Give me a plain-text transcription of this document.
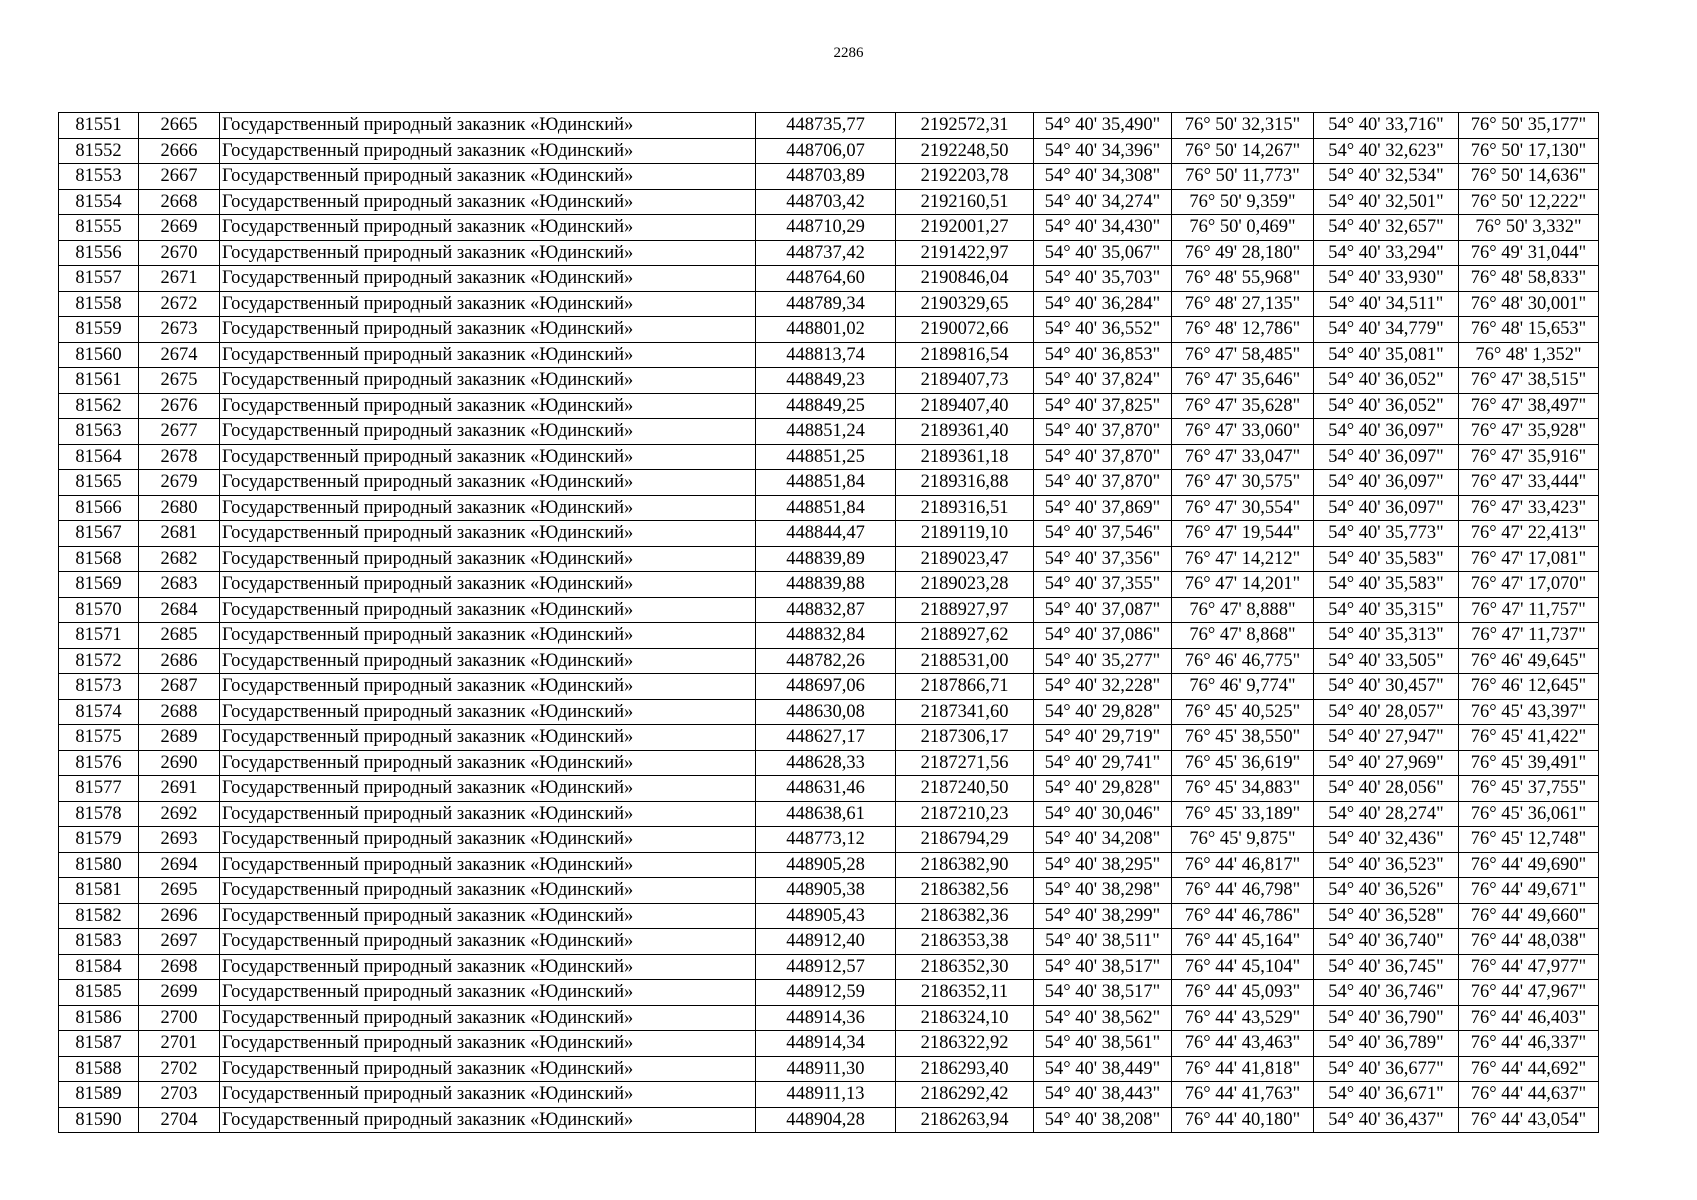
2286
81551	2665	Государственный природный заказник «Юдинский»	448735,77	2192572,31	54° 40' 35,490"	76° 50' 32,315"	54° 40' 33,716"	76° 50' 35,177"
81552	2666	Государственный природный заказник «Юдинский»	448706,07	2192248,50	54° 40' 34,396"	76° 50' 14,267"	54° 40' 32,623"	76° 50' 17,130"
81553	2667	Государственный природный заказник «Юдинский»	448703,89	2192203,78	54° 40' 34,308"	76° 50' 11,773"	54° 40' 32,534"	76° 50' 14,636"
81554	2668	Государственный природный заказник «Юдинский»	448703,42	2192160,51	54° 40' 34,274"	76° 50' 9,359"	54° 40' 32,501"	76° 50' 12,222"
81555	2669	Государственный природный заказник «Юдинский»	448710,29	2192001,27	54° 40' 34,430"	76° 50' 0,469"	54° 40' 32,657"	76° 50' 3,332"
81556	2670	Государственный природный заказник «Юдинский»	448737,42	2191422,97	54° 40' 35,067"	76° 49' 28,180"	54° 40' 33,294"	76° 49' 31,044"
81557	2671	Государственный природный заказник «Юдинский»	448764,60	2190846,04	54° 40' 35,703"	76° 48' 55,968"	54° 40' 33,930"	76° 48' 58,833"
81558	2672	Государственный природный заказник «Юдинский»	448789,34	2190329,65	54° 40' 36,284"	76° 48' 27,135"	54° 40' 34,511"	76° 48' 30,001"
81559	2673	Государственный природный заказник «Юдинский»	448801,02	2190072,66	54° 40' 36,552"	76° 48' 12,786"	54° 40' 34,779"	76° 48' 15,653"
81560	2674	Государственный природный заказник «Юдинский»	448813,74	2189816,54	54° 40' 36,853"	76° 47' 58,485"	54° 40' 35,081"	76° 48' 1,352"
81561	2675	Государственный природный заказник «Юдинский»	448849,23	2189407,73	54° 40' 37,824"	76° 47' 35,646"	54° 40' 36,052"	76° 47' 38,515"
81562	2676	Государственный природный заказник «Юдинский»	448849,25	2189407,40	54° 40' 37,825"	76° 47' 35,628"	54° 40' 36,052"	76° 47' 38,497"
81563	2677	Государственный природный заказник «Юдинский»	448851,24	2189361,40	54° 40' 37,870"	76° 47' 33,060"	54° 40' 36,097"	76° 47' 35,928"
81564	2678	Государственный природный заказник «Юдинский»	448851,25	2189361,18	54° 40' 37,870"	76° 47' 33,047"	54° 40' 36,097"	76° 47' 35,916"
81565	2679	Государственный природный заказник «Юдинский»	448851,84	2189316,88	54° 40' 37,870"	76° 47' 30,575"	54° 40' 36,097"	76° 47' 33,444"
81566	2680	Государственный природный заказник «Юдинский»	448851,84	2189316,51	54° 40' 37,869"	76° 47' 30,554"	54° 40' 36,097"	76° 47' 33,423"
81567	2681	Государственный природный заказник «Юдинский»	448844,47	2189119,10	54° 40' 37,546"	76° 47' 19,544"	54° 40' 35,773"	76° 47' 22,413"
81568	2682	Государственный природный заказник «Юдинский»	448839,89	2189023,47	54° 40' 37,356"	76° 47' 14,212"	54° 40' 35,583"	76° 47' 17,081"
81569	2683	Государственный природный заказник «Юдинский»	448839,88	2189023,28	54° 40' 37,355"	76° 47' 14,201"	54° 40' 35,583"	76° 47' 17,070"
81570	2684	Государственный природный заказник «Юдинский»	448832,87	2188927,97	54° 40' 37,087"	76° 47' 8,888"	54° 40' 35,315"	76° 47' 11,757"
81571	2685	Государственный природный заказник «Юдинский»	448832,84	2188927,62	54° 40' 37,086"	76° 47' 8,868"	54° 40' 35,313"	76° 47' 11,737"
81572	2686	Государственный природный заказник «Юдинский»	448782,26	2188531,00	54° 40' 35,277"	76° 46' 46,775"	54° 40' 33,505"	76° 46' 49,645"
81573	2687	Государственный природный заказник «Юдинский»	448697,06	2187866,71	54° 40' 32,228"	76° 46' 9,774"	54° 40' 30,457"	76° 46' 12,645"
81574	2688	Государственный природный заказник «Юдинский»	448630,08	2187341,60	54° 40' 29,828"	76° 45' 40,525"	54° 40' 28,057"	76° 45' 43,397"
81575	2689	Государственный природный заказник «Юдинский»	448627,17	2187306,17	54° 40' 29,719"	76° 45' 38,550"	54° 40' 27,947"	76° 45' 41,422"
81576	2690	Государственный природный заказник «Юдинский»	448628,33	2187271,56	54° 40' 29,741"	76° 45' 36,619"	54° 40' 27,969"	76° 45' 39,491"
81577	2691	Государственный природный заказник «Юдинский»	448631,46	2187240,50	54° 40' 29,828"	76° 45' 34,883"	54° 40' 28,056"	76° 45' 37,755"
81578	2692	Государственный природный заказник «Юдинский»	448638,61	2187210,23	54° 40' 30,046"	76° 45' 33,189"	54° 40' 28,274"	76° 45' 36,061"
81579	2693	Государственный природный заказник «Юдинский»	448773,12	2186794,29	54° 40' 34,208"	76° 45' 9,875"	54° 40' 32,436"	76° 45' 12,748"
81580	2694	Государственный природный заказник «Юдинский»	448905,28	2186382,90	54° 40' 38,295"	76° 44' 46,817"	54° 40' 36,523"	76° 44' 49,690"
81581	2695	Государственный природный заказник «Юдинский»	448905,38	2186382,56	54° 40' 38,298"	76° 44' 46,798"	54° 40' 36,526"	76° 44' 49,671"
81582	2696	Государственный природный заказник «Юдинский»	448905,43	2186382,36	54° 40' 38,299"	76° 44' 46,786"	54° 40' 36,528"	76° 44' 49,660"
81583	2697	Государственный природный заказник «Юдинский»	448912,40	2186353,38	54° 40' 38,511"	76° 44' 45,164"	54° 40' 36,740"	76° 44' 48,038"
81584	2698	Государственный природный заказник «Юдинский»	448912,57	2186352,30	54° 40' 38,517"	76° 44' 45,104"	54° 40' 36,745"	76° 44' 47,977"
81585	2699	Государственный природный заказник «Юдинский»	448912,59	2186352,11	54° 40' 38,517"	76° 44' 45,093"	54° 40' 36,746"	76° 44' 47,967"
81586	2700	Государственный природный заказник «Юдинский»	448914,36	2186324,10	54° 40' 38,562"	76° 44' 43,529"	54° 40' 36,790"	76° 44' 46,403"
81587	2701	Государственный природный заказник «Юдинский»	448914,34	2186322,92	54° 40' 38,561"	76° 44' 43,463"	54° 40' 36,789"	76° 44' 46,337"
81588	2702	Государственный природный заказник «Юдинский»	448911,30	2186293,40	54° 40' 38,449"	76° 44' 41,818"	54° 40' 36,677"	76° 44' 44,692"
81589	2703	Государственный природный заказник «Юдинский»	448911,13	2186292,42	54° 40' 38,443"	76° 44' 41,763"	54° 40' 36,671"	76° 44' 44,637"
81590	2704	Государственный природный заказник «Юдинский»	448904,28	2186263,94	54° 40' 38,208"	76° 44' 40,180"	54° 40' 36,437"	76° 44' 43,054"
